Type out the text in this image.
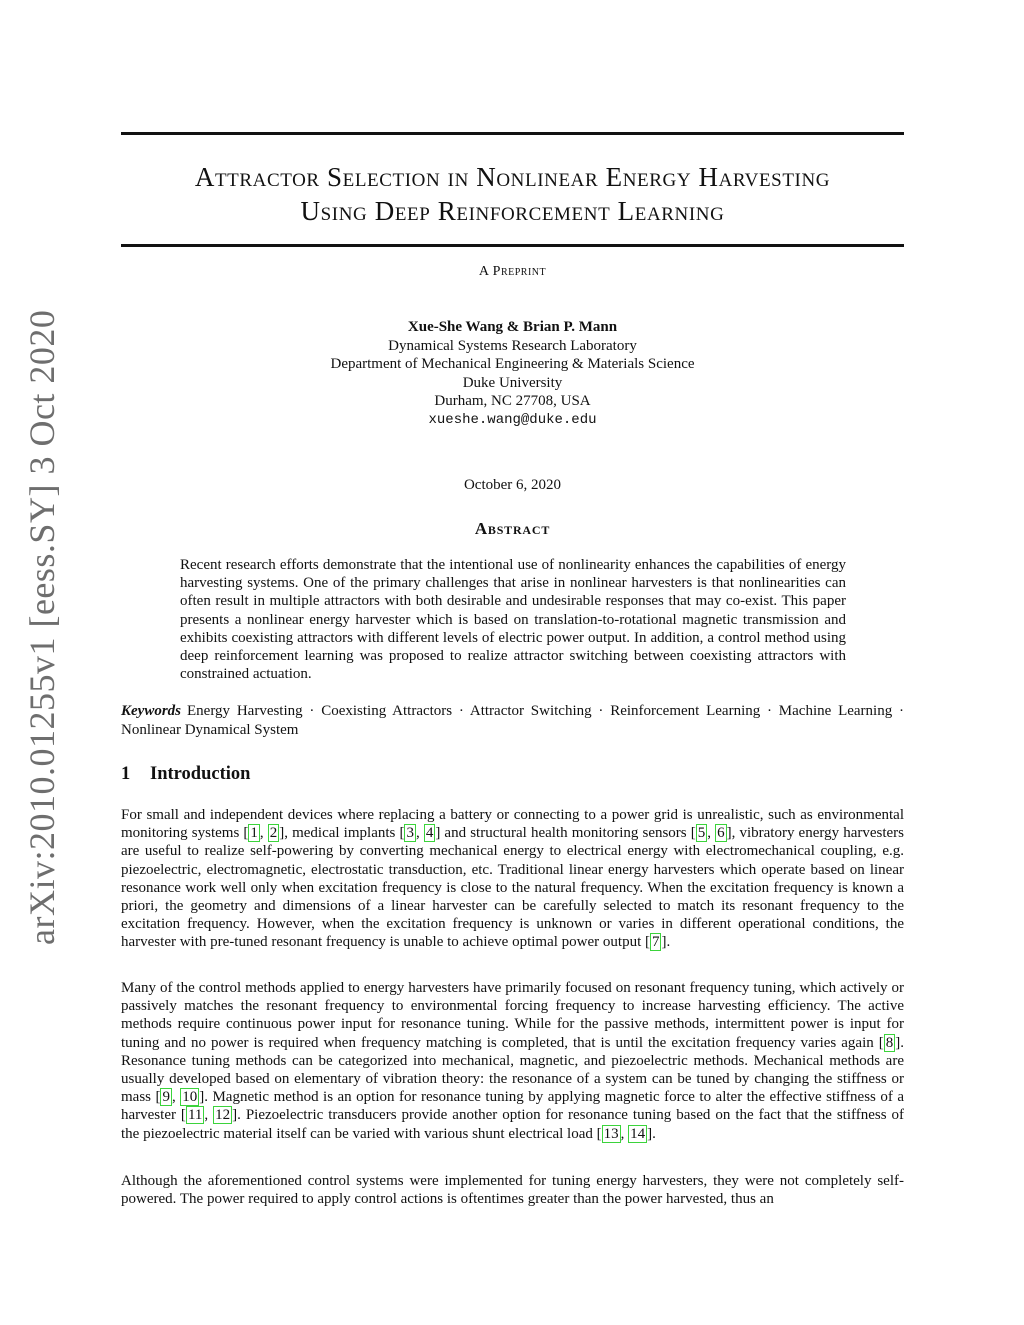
arXiv:2010.01255v1 [eess.SY] 3 Oct 2020
Attractor Selection in Nonlinear Energy Harvesting
Using Deep Reinforcement Learning
A Preprint
Xue-She Wang & Brian P. Mann
Dynamical Systems Research Laboratory
Department of Mechanical Engineering & Materials Science
Duke University
Durham, NC 27708, USA
xueshe.wang@duke.edu
October 6, 2020
Abstract

Recent research efforts demonstrate that the intentional use of nonlinearity enhances the capabilities of energy harvesting systems. One of the primary challenges that arise in nonlinear harvesters is that nonlinearities can often result in multiple attractors with both desirable and undesirable responses that may co-exist. This paper presents a nonlinear energy harvester which is based on translation-to-rotational magnetic transmission and exhibits coexisting attractors with different levels of electric power output. In addition, a control method using deep reinforcement learning was proposed to realize attractor switching between coexisting attractors with constrained actuation.

Keywords Energy Harvesting · Coexisting Attractors · Attractor Switching · Reinforcement Learning · Machine Learning · Nonlinear Dynamical System
1 Introduction

For small and independent devices where replacing a battery or connecting to a power grid is unrealistic, such as environmental monitoring systems [ 1 , 2 ], medical implants [ 3 , 4 ] and structural health monitoring sensors [ 5 , 6 ], vibratory energy harvesters are useful to realize self-powering by converting mechanical energy to electrical energy with electromechanical coupling, e.g. piezoelectric, electromagnetic, electrostatic transduction, etc. Traditional linear energy harvesters which operate based on linear resonance work well only when excitation frequency is close to the natural frequency. When the excitation frequency is known a priori, the geometry and dimensions of a linear harvester can be carefully selected to match its resonant frequency to the excitation frequency. However, when the excitation frequency is unknown or varies in different operational conditions, the harvester with pre-tuned resonant frequency is unable to achieve optimal power output [ 7 ].

Many of the control methods applied to energy harvesters have primarily focused on resonant frequency tuning, which actively or passively matches the resonant frequency to environmental forcing frequency to increase harvesting efficiency. The active methods require continuous power input for resonance tuning. While for the passive methods, intermittent power is input for tuning and no power is required when frequency matching is completed, that is until the excitation frequency varies again [ 8 ]. Resonance tuning methods can be categorized into mechanical, magnetic, and piezoelectric methods. Mechanical methods are usually developed based on elementary of vibration theory: the resonance of a system can be tuned by changing the stiffness or mass [ 9 , 10 ]. Magnetic method is an option for resonance tuning by applying magnetic force to alter the effective stiffness of a harvester [ 11 , 12 ]. Piezoelectric transducers provide another option for resonance tuning based on the fact that the stiffness of the piezoelectric material itself can be varied with various shunt electrical load [ 13 , 14 ].

Although the aforementioned control systems were implemented for tuning energy harvesters, they were not completely self-powered. The power required to apply control actions is oftentimes greater than the power harvested, thus an
